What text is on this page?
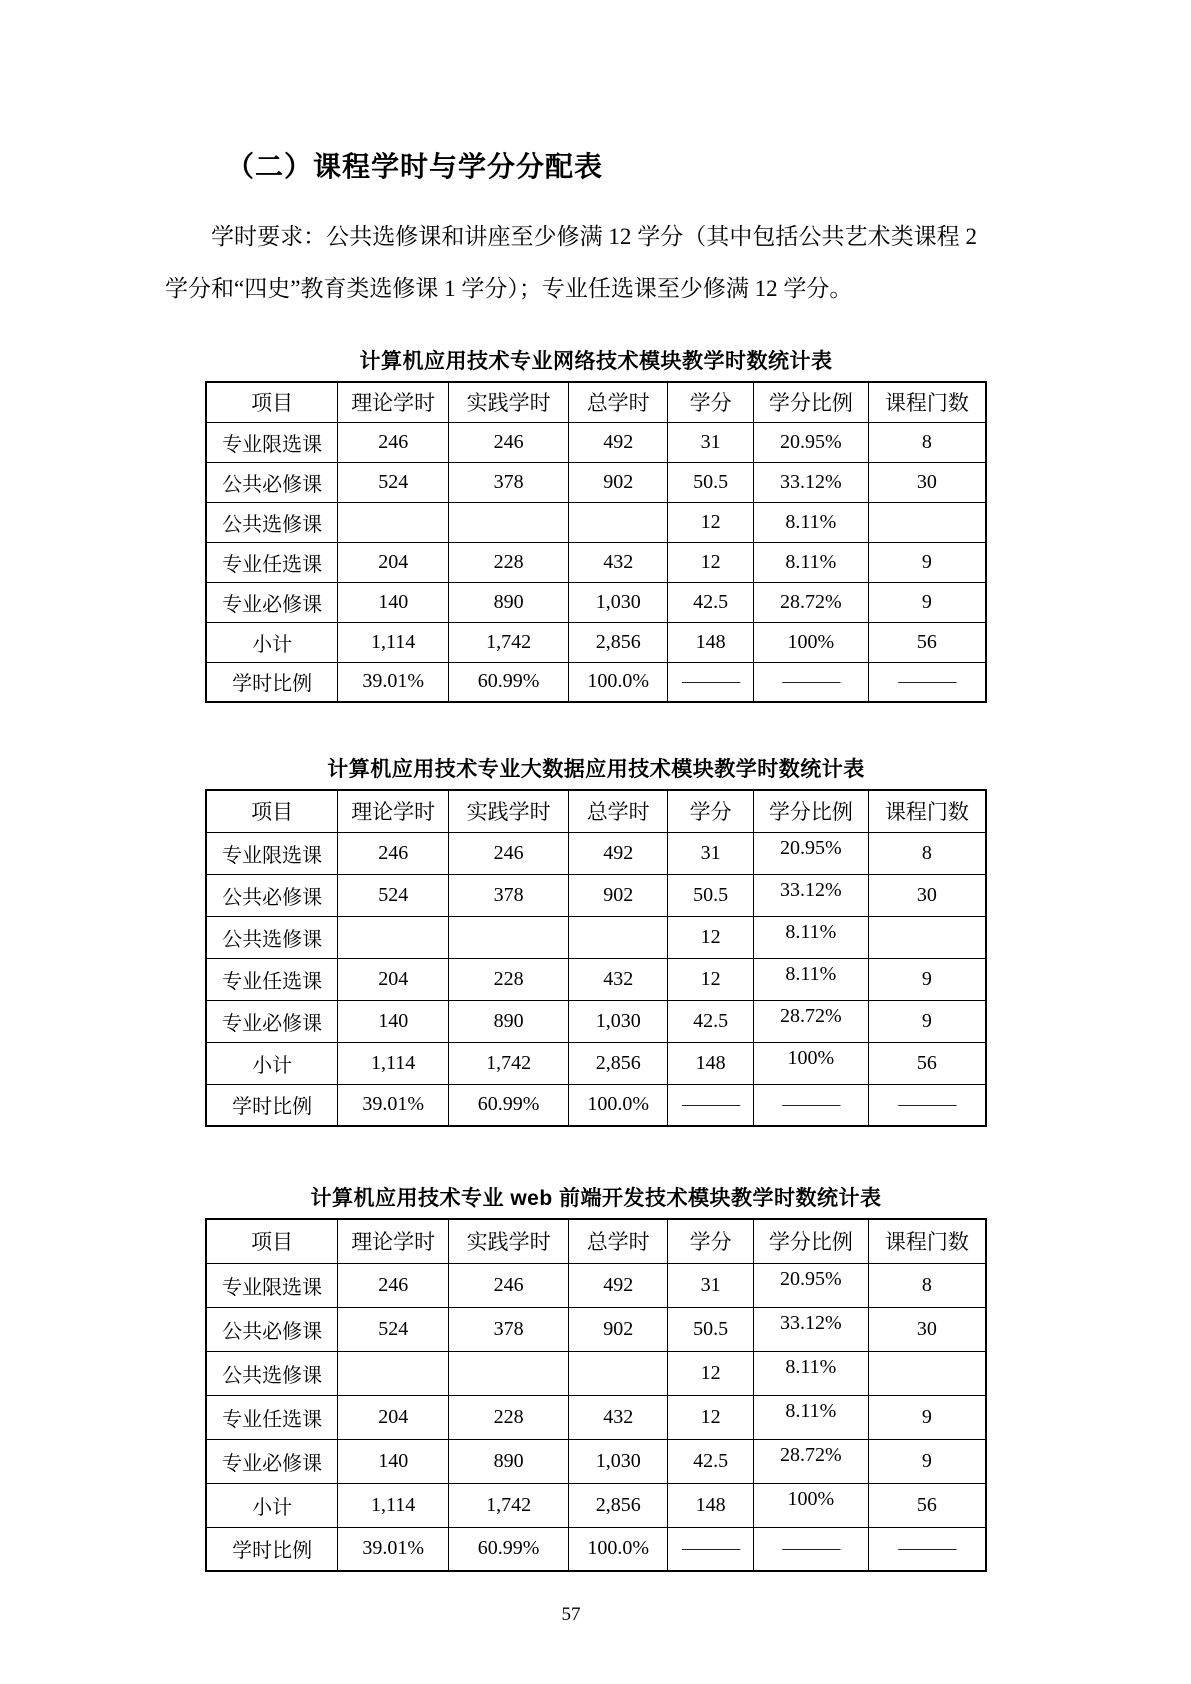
（二）课程学时与学分分配表

学时要求：公共选修课和讲座至少修满 12 学分（其中包括公共艺术类课程 2 学分和“四史”教育类选修课 1 学分）；专业任选课至少修满 12 学分。

计算机应用技术专业网络技术模块教学时数统计表
项目	理论学时	实践学时	总学时	学分	学分比例	课程门数
专业限选课	246	246	492	31	20.95%	8
公共必修课	524	378	902	50.5	33.12%	30
公共选修课				12	8.11%	
专业任选课	204	228	432	12	8.11%	9
专业必修课	140	890	1,030	42.5	28.72%	9
小计	1,114	1,742	2,856	148	100%	56
学时比例	39.01%	60.99%	100.0%	———	———	———
计算机应用技术专业大数据应用技术模块教学时数统计表
项目	理论学时	实践学时	总学时	学分	学分比例	课程门数
专业限选课	246	246	492	31	20.95%	8
公共必修课	524	378	902	50.5	33.12%	30
公共选修课				12	8.11%	
专业任选课	204	228	432	12	8.11%	9
专业必修课	140	890	1,030	42.5	28.72%	9
小计	1,114	1,742	2,856	148	100%	56
学时比例	39.01%	60.99%	100.0%	———	———	———
计算机应用技术专业 web 前端开发技术模块教学时数统计表
项目	理论学时	实践学时	总学时	学分	学分比例	课程门数
专业限选课	246	246	492	31	20.95%	8
公共必修课	524	378	902	50.5	33.12%	30
公共选修课				12	8.11%	
专业任选课	204	228	432	12	8.11%	9
专业必修课	140	890	1,030	42.5	28.72%	9
小计	1,114	1,742	2,856	148	100%	56
学时比例	39.01%	60.99%	100.0%	———	———	———
57
